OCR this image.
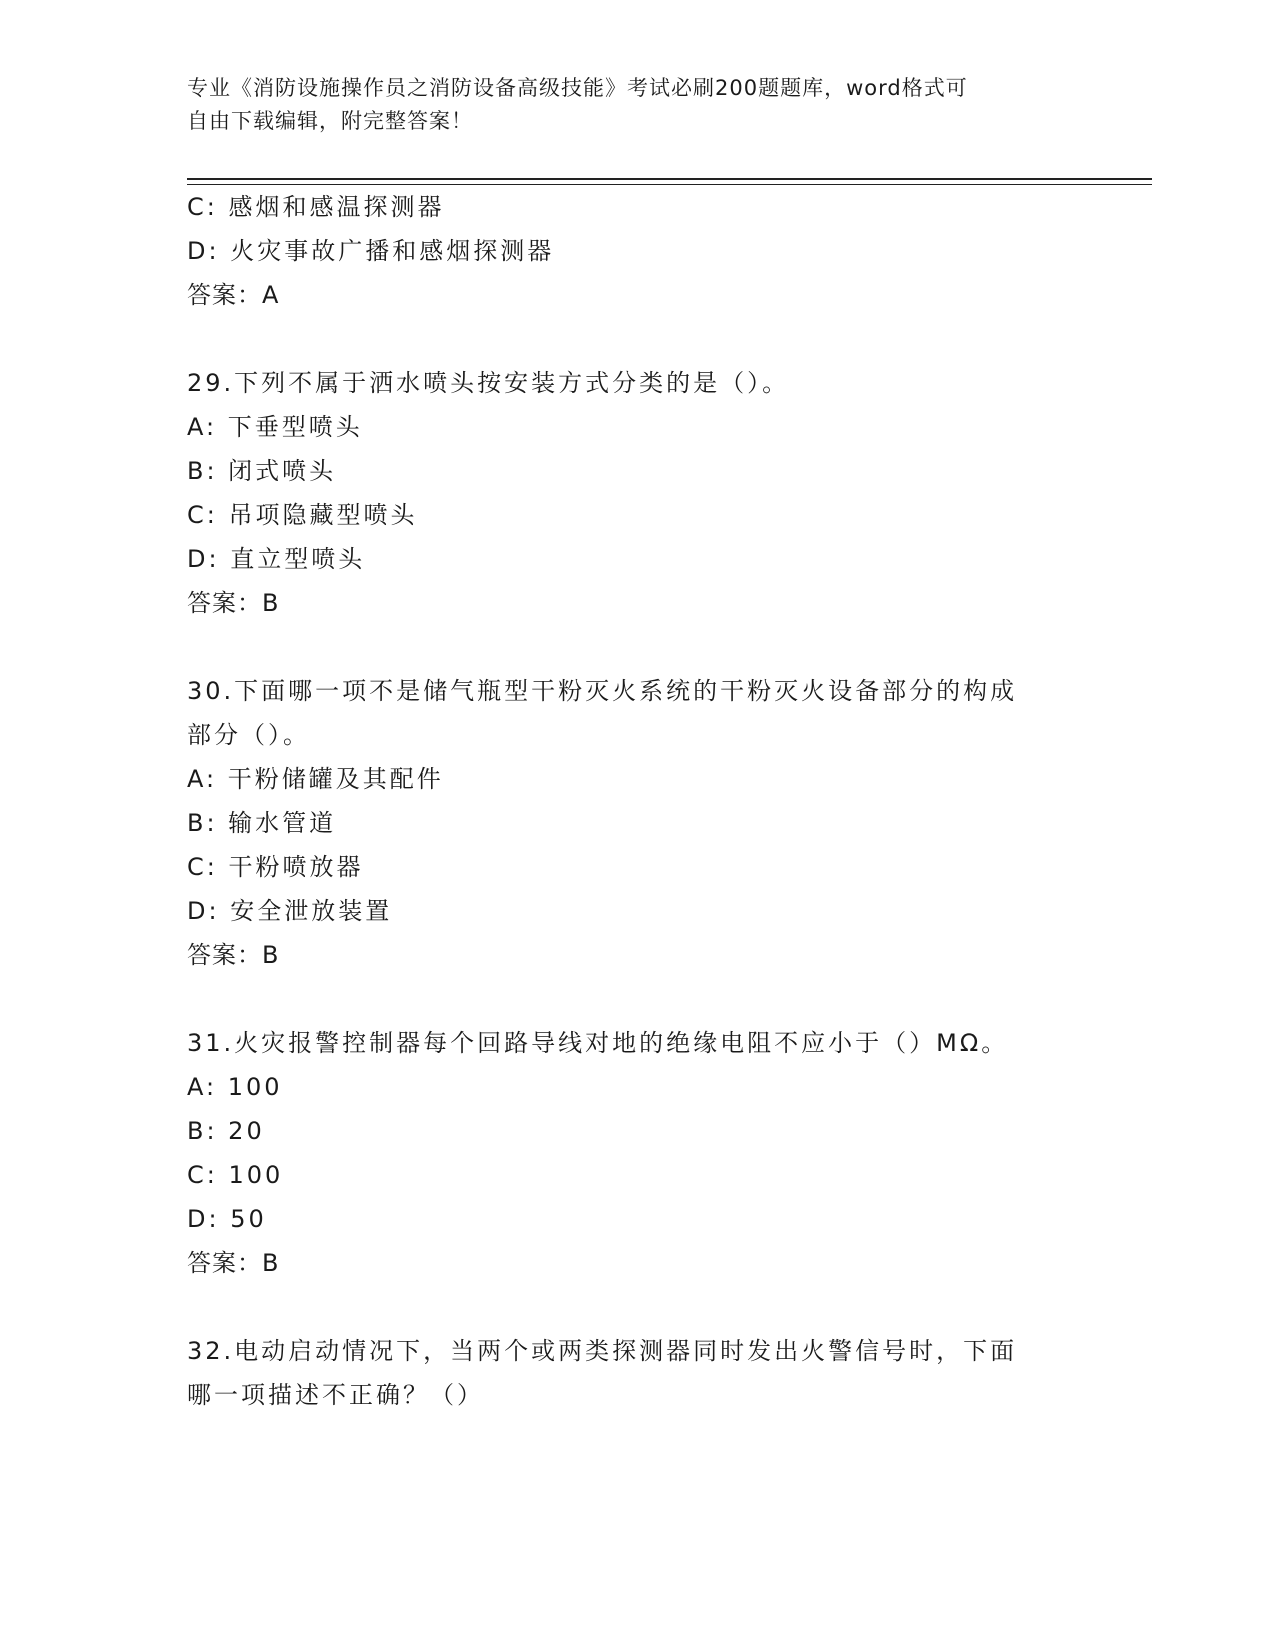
专业《消防设施操作员之消防设备高级技能》考试必刷200题题库，word格式可
自由下载编辑，附完整答案！
C: 感烟和感温探测器
D: 火灾事故广播和感烟探测器
答案：A
29.下列不属于洒水喷头按安装方式分类的是（）。
A: 下垂型喷头
B: 闭式喷头
C: 吊项隐藏型喷头
D: 直立型喷头
答案：B
30.下面哪一项不是储气瓶型干粉灭火系统的干粉灭火设备部分的构成
部分（）。
A: 干粉储罐及其配件
B: 输水管道
C: 干粉喷放器
D: 安全泄放装置
答案：B
31.火灾报警控制器每个回路导线对地的绝缘电阻不应小于（）MΩ。
A: 100
B: 20
C: 100
D: 50
答案：B
32.电动启动情况下，当两个或两类探测器同时发出火警信号时，下面
哪一项描述不正确？（）
